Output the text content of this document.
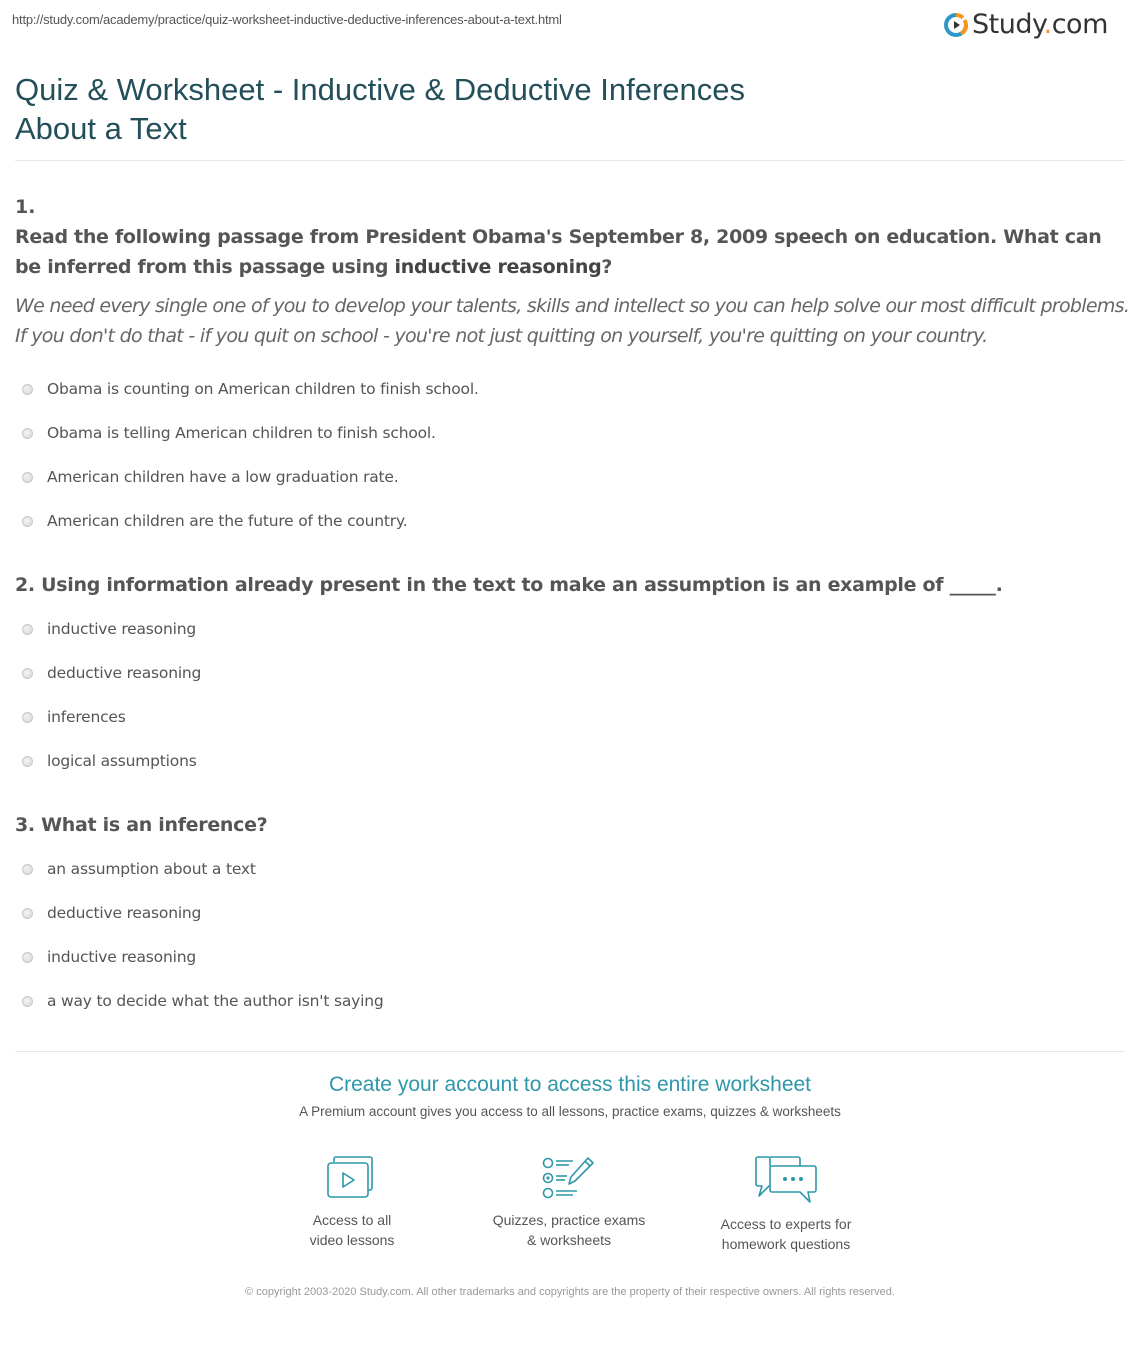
http://study.com/academy/practice/quiz-worksheet-inductive-deductive-inferences-about-a-text.html	Study.com
Quiz & Worksheet - Inductive & Deductive Inferences
About a Text
1.
Read the following passage from President Obama's September 8, 2009 speech on education. What can be inferred from this passage using inductive reasoning?
We need every single one of you to develop your talents, skills and intellect so you can help solve our most difficult problems. If you don't do that - if you quit on school - you're not just quitting on yourself, you're quitting on your country.
Obama is counting on American children to finish school.
Obama is telling American children to finish school.
American children have a low graduation rate.
American children are the future of the country.
2. Using information already present in the text to make an assumption is an example of _____.
inductive reasoning
deductive reasoning
inferences
logical assumptions
3. What is an inference?
an assumption about a text
deductive reasoning
inductive reasoning
a way to decide what the author isn't saying
Create your account to access this entire worksheet
A Premium account gives you access to all lessons, practice exams, quizzes & worksheets
Access to all
video lessons
Quizzes, practice exams
& worksheets
Access to experts for
homework questions
© copyright 2003-2020 Study.com. All other trademarks and copyrights are the property of their respective owners. All rights reserved.
